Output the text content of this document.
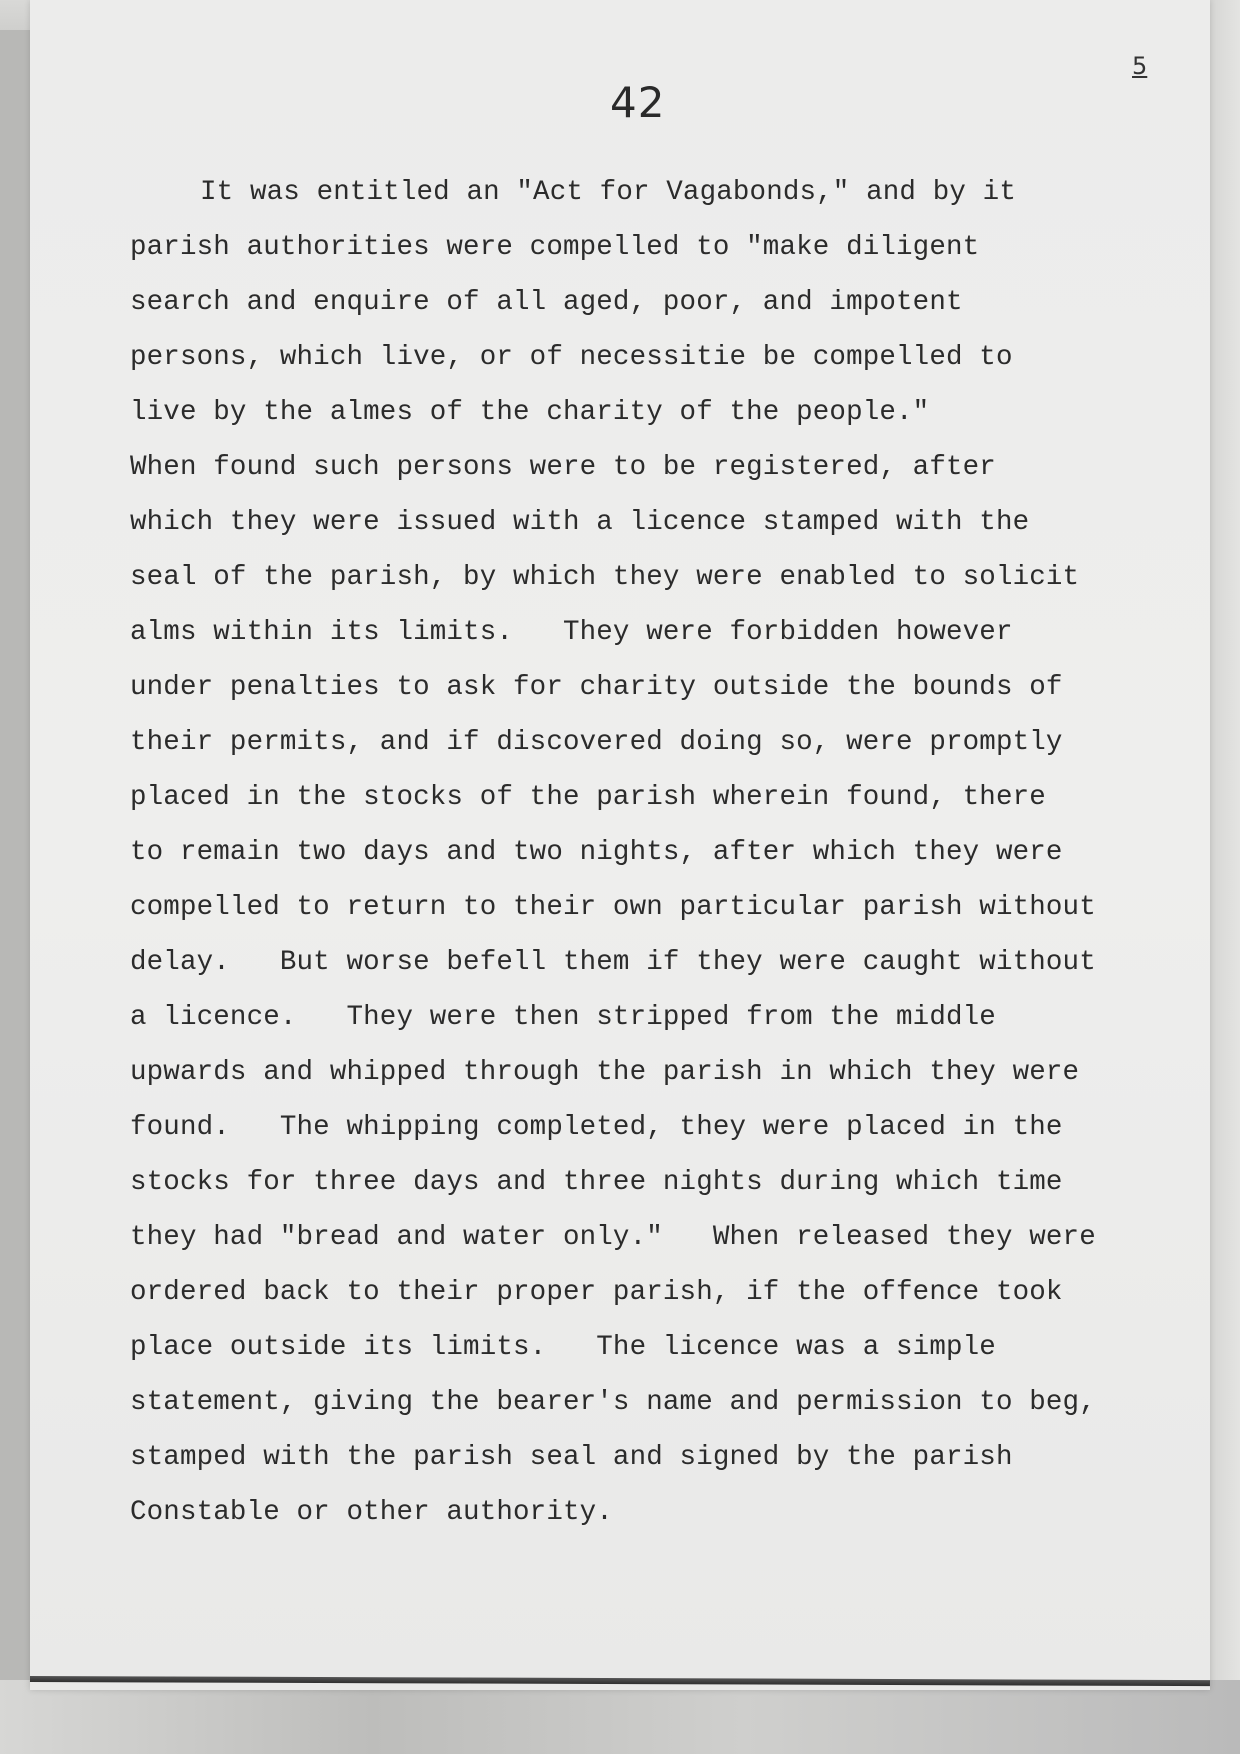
42
5
It was entitled an "Act for Vagabonds," and by it
parish authorities were compelled to "make diligent
search and enquire of all aged, poor, and impotent
persons, which live, or of necessitie be compelled to
live by the almes of the charity of the people."
When found such persons were to be registered, after
which they were issued with a licence stamped with the
seal of the parish, by which they were enabled to solicit
alms within its limits.   They were forbidden however
under penalties to ask for charity outside the bounds of
their permits, and if discovered doing so, were promptly
placed in the stocks of the parish wherein found, there
to remain two days and two nights, after which they were
compelled to return to their own particular parish without
delay.   But worse befell them if they were caught without
a licence.   They were then stripped from the middle
upwards and whipped through the parish in which they were
found.   The whipping completed, they were placed in the
stocks for three days and three nights during which time
they had "bread and water only."   When released they were
ordered back to their proper parish, if the offence took
place outside its limits.   The licence was a simple
statement, giving the bearer's name and permission to beg,
stamped with the parish seal and signed by the parish
Constable or other authority.
